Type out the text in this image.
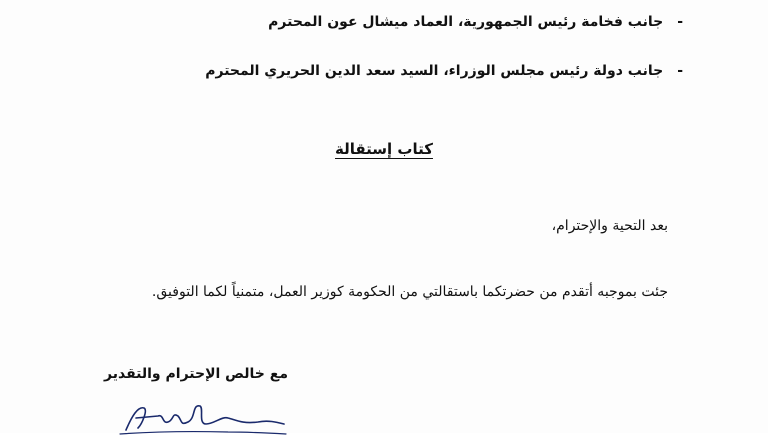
-جانب فخامة رئيس الجمهورية، العماد ميشال عون المحترم
-جانب دولة رئيس مجلس الوزراء، السيد سعد الدين الحريري المحترم
كتاب إستقالة
بعد التحية والإحترام،
جئت بموجبه أتقدم من حضرتكما باستقالتي من الحكومة كوزير العمل، متمنياً لكما التوفيق.
مع خالص الإحترام والتقدير
